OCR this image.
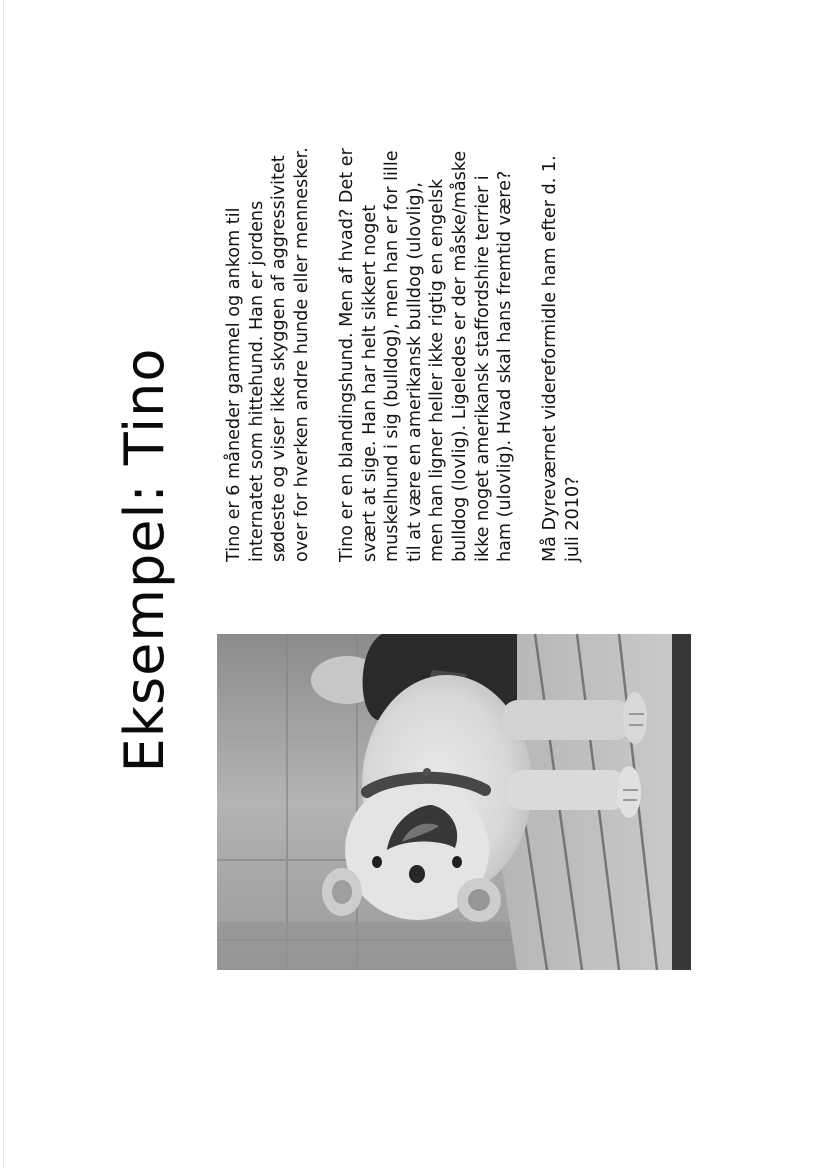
Eksempel: Tino	Tino er 6 måneder gammel og ankom til internatet som hittehund. Han er jordens sødeste og viser ikke skyggen af aggressivitet over for hverken andre hunde eller mennesker. Tino er en blandingshund. Men af hvad? Det er svært at sige. Han har helt sikkert noget muskelhund i sig (bulldog), men han er for lille til at være en amerikansk bulldog (ulovlig), men han ligner heller ikke rigtig en engelsk bulldog (lovlig). Ligeledes er der måske/måske ikke noget amerikansk staffordshire terrier i ham (ulovlig). Hvad skal hans fremtid være? Må Dyreværnet videreformidle ham efter d. 1. juli 2010?
